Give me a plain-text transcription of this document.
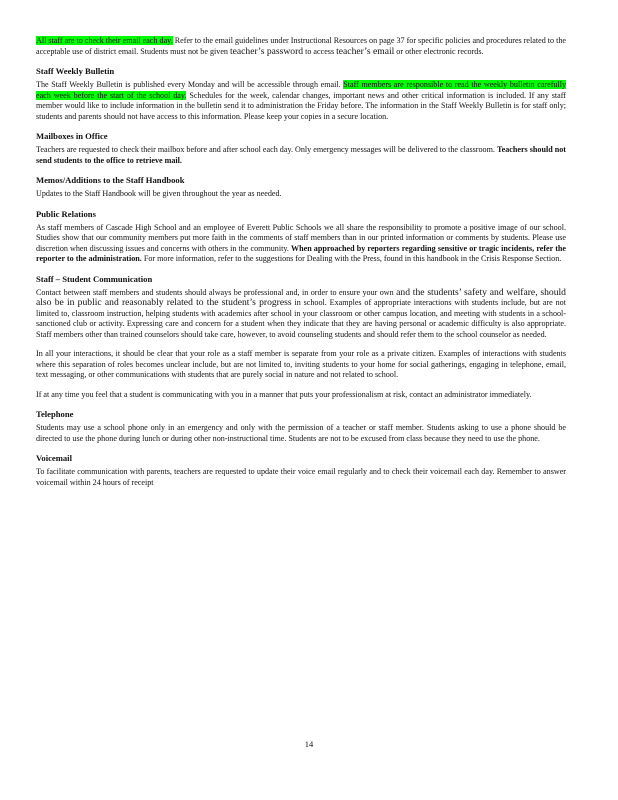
All staff are to check their email each day. Refer to the email guidelines under Instructional Resources on page 37 for specific policies and procedures related to the acceptable use of district email. Students must not be given teacher’s password to access teacher’s email or other electronic records.

Staff Weekly Bulletin

The Staff Weekly Bulletin is published every Monday and will be accessible through email. Staff members are responsible to read the weekly bulletin carefully each week before the start of the school day. Schedules for the week, calendar changes, important news and other critical information is included. If any staff member would like to include information in the bulletin send it to administration the Friday before. The information in the Staff Weekly Bulletin is for staff only; students and parents should not have access to this information. Please keep your copies in a secure location.

Mailboxes in Office

Teachers are requested to check their mailbox before and after school each day. Only emergency messages will be delivered to the classroom. Teachers should not send students to the office to retrieve mail.

Memos/Additions to the Staff Handbook

Updates to the Staff Handbook will be given throughout the year as needed.

Public Relations

As staff members of Cascade High School and an employee of Everett Public Schools we all share the responsibility to promote a positive image of our school. Studies show that our community members put more faith in the comments of staff members than in our printed information or comments by students. Please use discretion when discussing issues and concerns with others in the community. When approached by reporters regarding sensitive or tragic incidents, refer the reporter to the administration. For more information, refer to the suggestions for Dealing with the Press, found in this handbook in the Crisis Response Section.

Staff – Student Communication

Contact between staff members and students should always be professional and, in order to ensure your own and the students’ safety and welfare, should also be in public and reasonably related to the student’s progress in school. Examples of appropriate interactions with students include, but are not limited to, classroom instruction, helping students with academics after school in your classroom or other campus location, and meeting with students in a school-sanctioned club or activity. Expressing care and concern for a student when they indicate that they are having personal or academic difficulty is also appropriate. Staff members other than trained counselors should take care, however, to avoid counseling students and should refer them to the school counselor as needed.

In all your interactions, it should be clear that your role as a staff member is separate from your role as a private citizen. Examples of interactions with students where this separation of roles becomes unclear include, but are not limited to, inviting students to your home for social gatherings, engaging in telephone, email, text messaging, or other communications with students that are purely social in nature and not related to school.

If at any time you feel that a student is communicating with you in a manner that puts your professionalism at risk, contact an administrator immediately.

Telephone

Students may use a school phone only in an emergency and only with the permission of a teacher or staff member. Students asking to use a phone should be directed to use the phone during lunch or during other non-instructional time. Students are not to be excused from class because they need to use the phone.

Voicemail

To facilitate communication with parents, teachers are requested to update their voice email regularly and to check their voicemail each day. Remember to answer voicemail within 24 hours of receipt

14
